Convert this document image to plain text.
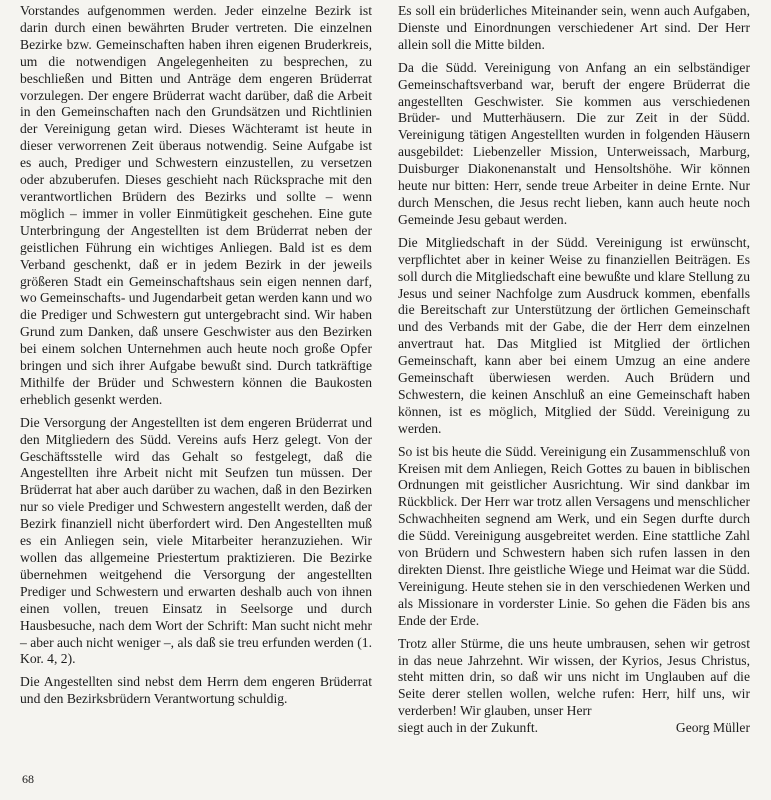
Vorstandes aufgenommen werden. Jeder einzelne Bezirk ist darin durch einen bewährten Bruder vertreten. Die einzelnen Bezirke bzw. Gemeinschaften haben ihren eigenen Bruderkreis, um die notwendigen Angelegenheiten zu besprechen, zu beschließen und Bitten und Anträge dem engeren Brüderrat vorzulegen. Der engere Brüderrat wacht darüber, daß die Arbeit in den Gemeinschaften nach den Grundsätzen und Richtlinien der Vereinigung getan wird. Dieses Wächteramt ist heute in dieser verworrenen Zeit überaus notwendig. Seine Aufgabe ist es auch, Prediger und Schwestern einzustellen, zu versetzen oder abzuberufen. Dieses geschieht nach Rücksprache mit den verantwortlichen Brüdern des Bezirks und sollte – wenn möglich – immer in voller Einmütigkeit geschehen. Eine gute Unterbringung der Angestellten ist dem Brüderrat neben der geistlichen Führung ein wichtiges Anliegen. Bald ist es dem Verband geschenkt, daß er in jedem Bezirk in der jeweils größeren Stadt ein Gemeinschaftshaus sein eigen nennen darf, wo Gemeinschafts- und Jugendarbeit getan werden kann und wo die Prediger und Schwestern gut untergebracht sind. Wir haben Grund zum Danken, daß unsere Geschwister aus den Bezirken bei einem solchen Unternehmen auch heute noch große Opfer bringen und sich ihrer Aufgabe bewußt sind. Durch tatkräftige Mithilfe der Brüder und Schwestern können die Baukosten erheblich gesenkt werden.

Die Versorgung der Angestellten ist dem engeren Brüderrat und den Mitgliedern des Südd. Vereins aufs Herz gelegt. Von der Geschäftsstelle wird das Gehalt so festgelegt, daß die Angestellten ihre Arbeit nicht mit Seufzen tun müssen. Der Brüderrat hat aber auch darüber zu wachen, daß in den Bezirken nur so viele Prediger und Schwestern angestellt werden, daß der Bezirk finanziell nicht überfordert wird. Den Angestellten muß es ein Anliegen sein, viele Mitarbeiter heranzuziehen. Wir wollen das allgemeine Priestertum praktizieren. Die Bezirke übernehmen weitgehend die Versorgung der angestellten Prediger und Schwestern und erwarten deshalb auch von ihnen einen vollen, treuen Einsatz in Seelsorge und durch Hausbesuche, nach dem Wort der Schrift: Man sucht nicht mehr – aber auch nicht weniger –, als daß sie treu erfunden werden (1. Kor. 4, 2).

Die Angestellten sind nebst dem Herrn dem engeren Brüderrat und den Bezirksbrüdern Verantwortung schuldig.

Es soll ein brüderliches Miteinander sein, wenn auch Aufgaben, Dienste und Einordnungen verschiedener Art sind. Der Herr allein soll die Mitte bilden.

Da die Südd. Vereinigung von Anfang an ein selbständiger Gemeinschaftsverband war, beruft der engere Brüderrat die angestellten Geschwister. Sie kommen aus verschiedenen Brüder- und Mutterhäusern. Die zur Zeit in der Südd. Vereinigung tätigen Angestellten wurden in folgenden Häusern ausgebildet: Liebenzeller Mission, Unterweissach, Marburg, Duisburger Diakonenanstalt und Hensoltshöhe. Wir können heute nur bitten: Herr, sende treue Arbeiter in deine Ernte. Nur durch Menschen, die Jesus recht lieben, kann auch heute noch Gemeinde Jesu gebaut werden.

Die Mitgliedschaft in der Südd. Vereinigung ist erwünscht, verpflichtet aber in keiner Weise zu finanziellen Beiträgen. Es soll durch die Mitgliedschaft eine bewußte und klare Stellung zu Jesus und seiner Nachfolge zum Ausdruck kommen, ebenfalls die Bereitschaft zur Unterstützung der örtlichen Gemeinschaft und des Verbands mit der Gabe, die der Herr dem einzelnen anvertraut hat. Das Mitglied ist Mitglied der örtlichen Gemeinschaft, kann aber bei einem Umzug an eine andere Gemeinschaft überwiesen werden. Auch Brüdern und Schwestern, die keinen Anschluß an eine Gemeinschaft haben können, ist es möglich, Mitglied der Südd. Vereinigung zu werden.

So ist bis heute die Südd. Vereinigung ein Zusammenschluß von Kreisen mit dem Anliegen, Reich Gottes zu bauen in biblischen Ordnungen mit geistlicher Ausrichtung. Wir sind dankbar im Rückblick. Der Herr war trotz allen Versagens und menschlicher Schwachheiten segnend am Werk, und ein Segen durfte durch die Südd. Vereinigung ausgebreitet werden. Eine stattliche Zahl von Brüdern und Schwestern haben sich rufen lassen in den direkten Dienst. Ihre geistliche Wiege und Heimat war die Südd. Vereinigung. Heute stehen sie in den verschiedenen Werken und als Missionare in vorderster Linie. So gehen die Fäden bis ans Ende der Erde.

Trotz aller Stürme, die uns heute umbrausen, sehen wir getrost in das neue Jahrzehnt. Wir wissen, der Kyrios, Jesus Christus, steht mitten drin, so daß wir uns nicht im Unglauben auf die Seite derer stellen wollen, welche rufen: Herr, hilf uns, wir verderben! Wir glauben, unser Herr

siegt auch in der Zukunft.	Georg Müller
68
